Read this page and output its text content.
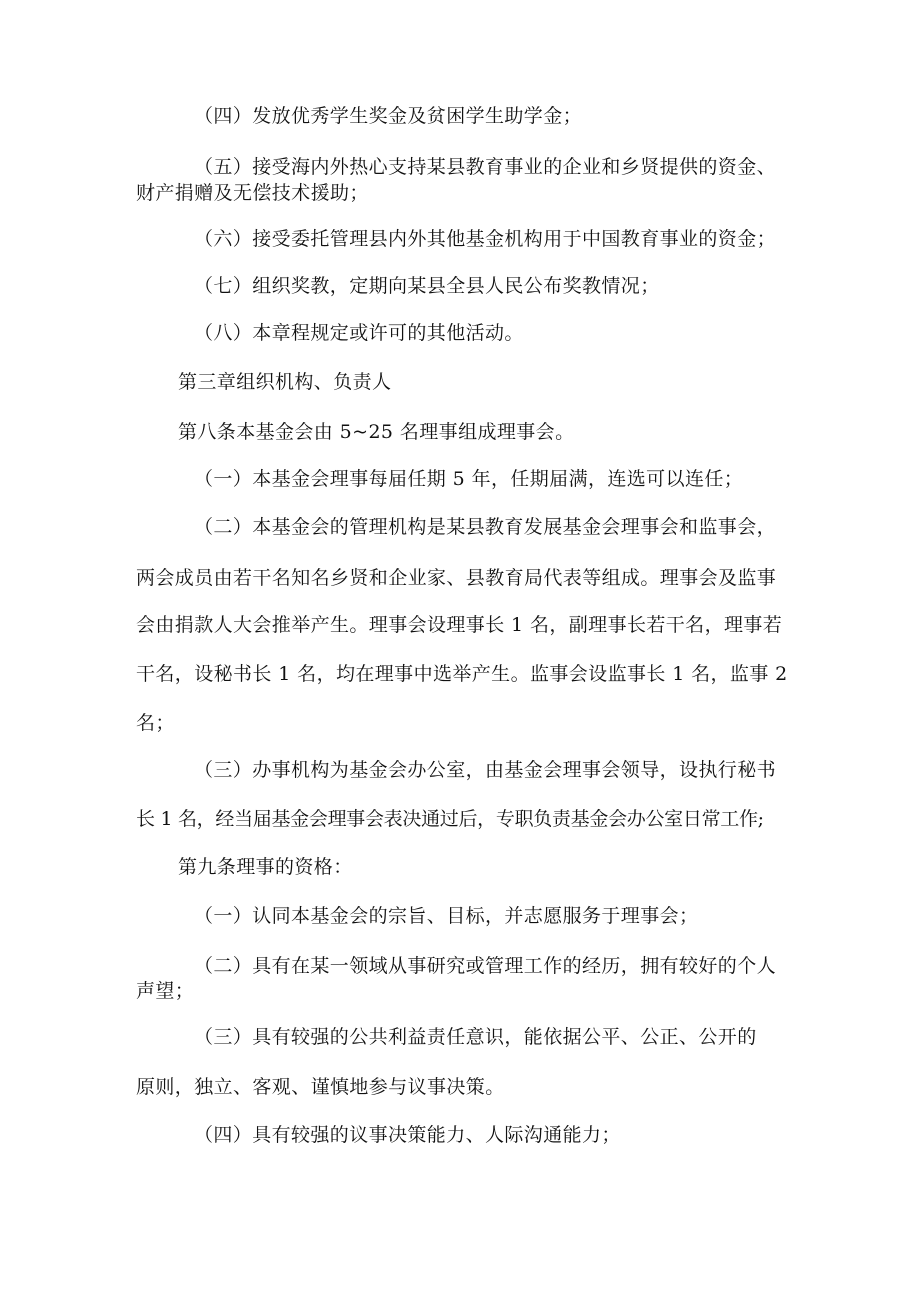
（四）发放优秀学生奖金及贫困学生助学金；
（五）接受海内外热心支持某县教育事业的企业和乡贤提供的资金、
财产捐赠及无偿技术援助；
（六）接受委托管理县内外其他基金机构用于中国教育事业的资金；
（七）组织奖教，定期向某县全县人民公布奖教情况；
（八）本章程规定或许可的其他活动。
第三章组织机构、负责人
第八条本基金会由 5~25 名理事组成理事会。
（一）本基金会理事每届任期 5 年，任期届满，连选可以连任；
（二）本基金会的管理机构是某县教育发展基金会理事会和监事会，
两会成员由若干名知名乡贤和企业家、县教育局代表等组成。理事会及监事
会由捐款人大会推举产生。理事会设理事长 1 名，副理事长若干名，理事若
干名，设秘书长 1 名，均在理事中选举产生。监事会设监事长 1 名，监事 2
名；
（三）办事机构为基金会办公室，由基金会理事会领导，设执行秘书
长 1 名，经当届基金会理事会表决通过后，专职负责基金会办公室日常工作;
第九条理事的资格：
（一）认同本基金会的宗旨、目标，并志愿服务于理事会；
（二）具有在某一领域从事研究或管理工作的经历，拥有较好的个人
声望；
（三）具有较强的公共利益责任意识，能依据公平、公正、公开的
原则，独立、客观、谨慎地参与议事决策。
（四）具有较强的议事决策能力、人际沟通能力；
